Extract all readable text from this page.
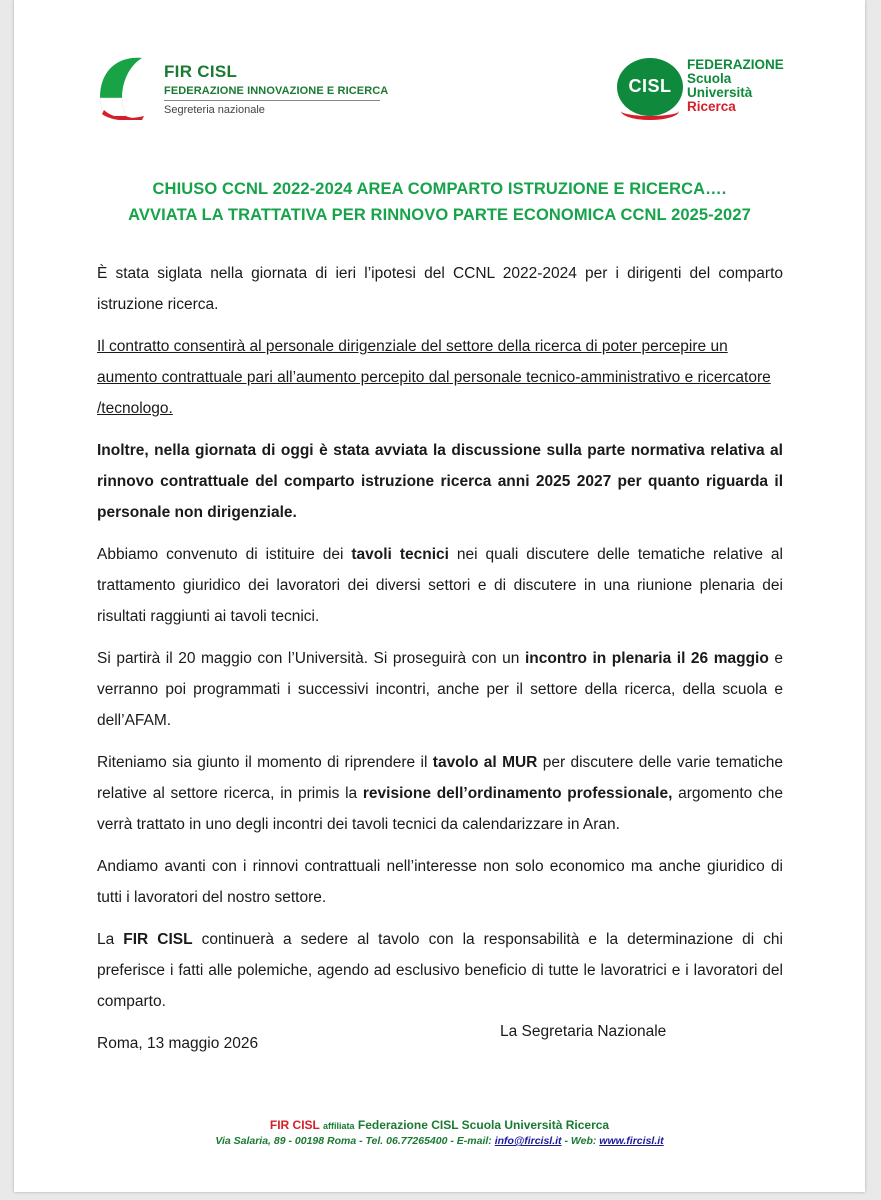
FIR CISL
FEDERAZIONE INNOVAZIONE E RICERCA
Segreteria nazionale
CISL
FEDERAZIONE
Scuola
Università
Ricerca
CHIUSO CCNL 2022-2024 AREA COMPARTO ISTRUZIONE E RICERCA….
AVVIATA LA TRATTATIVA PER RINNOVO PARTE ECONOMICA CCNL 2025-2027

È stata siglata nella giornata di ieri l’ipotesi del CCNL 2022-2024 per i dirigenti del comparto istruzione ricerca.

Il contratto consentirà al personale dirigenziale del settore della ricerca di poter percepire un aumento contrattuale pari all’aumento percepito dal personale tecnico-amministrativo e ricercatore /tecnologo.

Inoltre, nella giornata di oggi è stata avviata la discussione sulla parte normativa relativa al rinnovo contrattuale del comparto istruzione ricerca anni 2025 2027 per quanto riguarda il personale non dirigenziale.

Abbiamo convenuto di istituire dei tavoli tecnici nei quali discutere delle tematiche relative al trattamento giuridico dei lavoratori dei diversi settori e di discutere in una riunione plenaria dei risultati raggiunti ai tavoli tecnici.

Si partirà il 20 maggio con l’Università. Si proseguirà con un incontro in plenaria il 26 maggio e verranno poi programmati i successivi incontri, anche per il settore della ricerca, della scuola e dell’AFAM.

Riteniamo sia giunto il momento di riprendere il tavolo al MUR per discutere delle varie tematiche relative al settore ricerca, in primis la revisione dell’ordinamento professionale, argomento che verrà trattato in uno degli incontri dei tavoli tecnici da calendarizzare in Aran.

Andiamo avanti con i rinnovi contrattuali nell’interesse non solo economico ma anche giuridico di tutti i lavoratori del nostro settore.

La FIR CISL continuerà a sedere al tavolo con la responsabilità e la determinazione di chi preferisce i fatti alle polemiche, agendo ad esclusivo beneficio di tutte le lavoratrici e i lavoratori del comparto.

Roma, 13 maggio 2026

La Segretaria Nazionale
FIR CISL affiliata Federazione CISL Scuola Università Ricerca
Via Salaria, 89 - 00198 Roma - Tel. 06.77265400 - E-mail: info@fircisl.it - Web: www.fircisl.it
